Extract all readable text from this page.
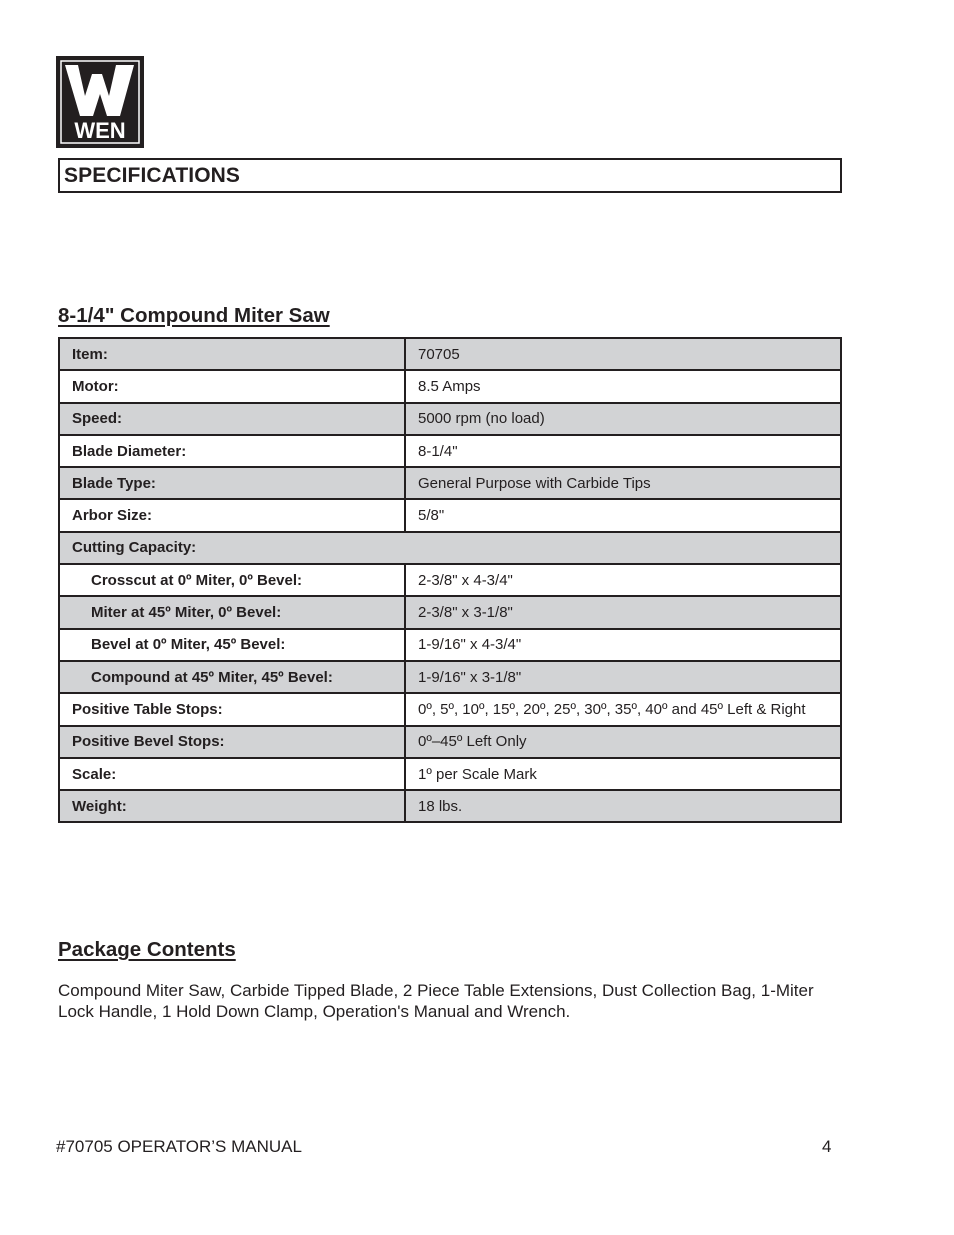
WEN
SPECIFICATIONS
8-1/4" Compound Miter Saw
Item:	70705
Motor:	8.5 Amps
Speed:	5000 rpm (no load)
Blade Diameter:	8-1/4"
Blade Type:	General Purpose with Carbide Tips
Arbor Size:	5/8"
Cutting Capacity:	
Crosscut at 0º Miter, 0º Bevel:	2-3/8" x 4-3/4"
Miter at 45º Miter, 0º Bevel:	2-3/8" x 3-1/8"
Bevel at 0º Miter, 45º Bevel:	1-9/16" x 4-3/4"
Compound at 45º Miter, 45º Bevel:	1-9/16" x 3-1/8"
Positive Table Stops:	0º, 5º, 10º, 15º, 20º, 25º, 30º, 35º, 40º and 45º Left & Right
Positive Bevel Stops:	0º–45º Left Only
Scale:	1º per Scale Mark
Weight:	18 lbs.
Package Contents
Compound Miter Saw, Carbide Tipped Blade, 2 Piece Table Extensions, Dust Collection Bag, 1-Miter Lock Handle, 1 Hold Down Clamp, Operation's Manual and Wrench.
#70705 OPERATOR’S MANUAL	4
